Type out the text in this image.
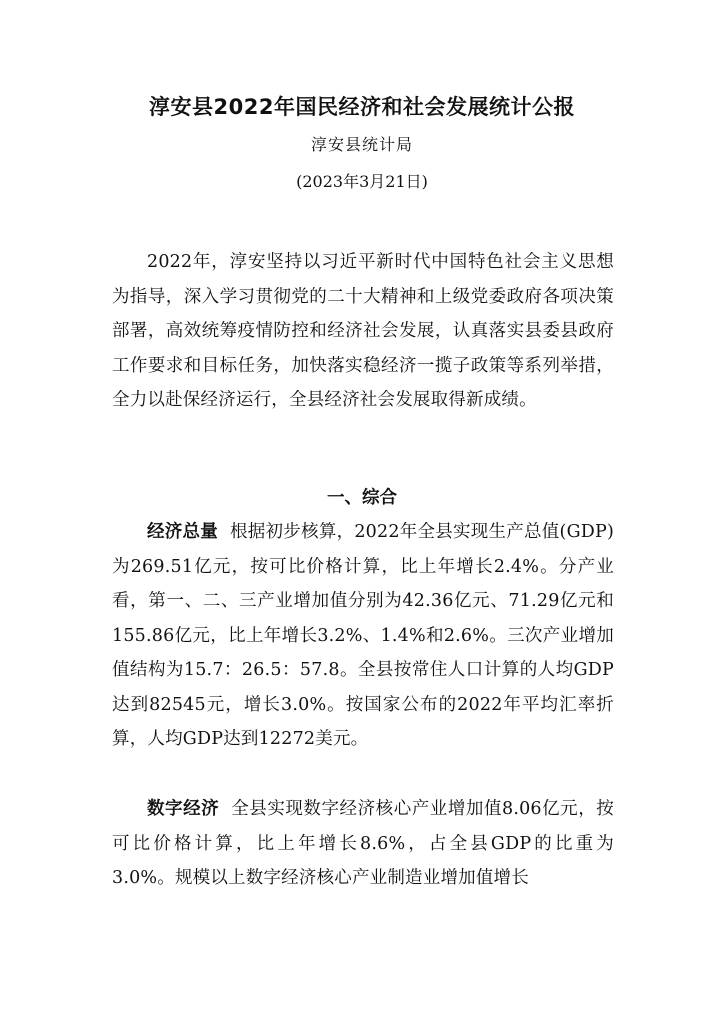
淳安县2022年国民经济和社会发展统计公报

淳安县统计局

(2023年3月21日)

2022年，淳安坚持以习近平新时代中国特色社会主义思想为指导，深入学习贯彻党的二十大精神和上级党委政府各项决策部署，高效统筹疫情防控和经济社会发展，认真落实县委县政府工作要求和目标任务，加快落实稳经济一揽子政策等系列举措，全力以赴保经济运行，全县经济社会发展取得新成绩。

一、综合

经济总量 根据初步核算，2022年全县实现生产总值(GDP)为269.51亿元，按可比价格计算，比上年增长2.4%。分产业看，第一、二、三产业增加值分别为42.36亿元、71.29亿元和155.86亿元，比上年增长3.2%、1.4%和2.6%。三次产业增加值结构为15.7：26.5：57.8。全县按常住人口计算的人均GDP达到82545元，增长3.0%。按国家公布的2022年平均汇率折算，人均GDP达到12272美元。

数字经济 全县实现数字经济核心产业增加值8.06亿元，按可比价格计算，比上年增长8.6%，占全县GDP的比重为3.0%。规模以上数字经济核心产业制造业增加值增长
